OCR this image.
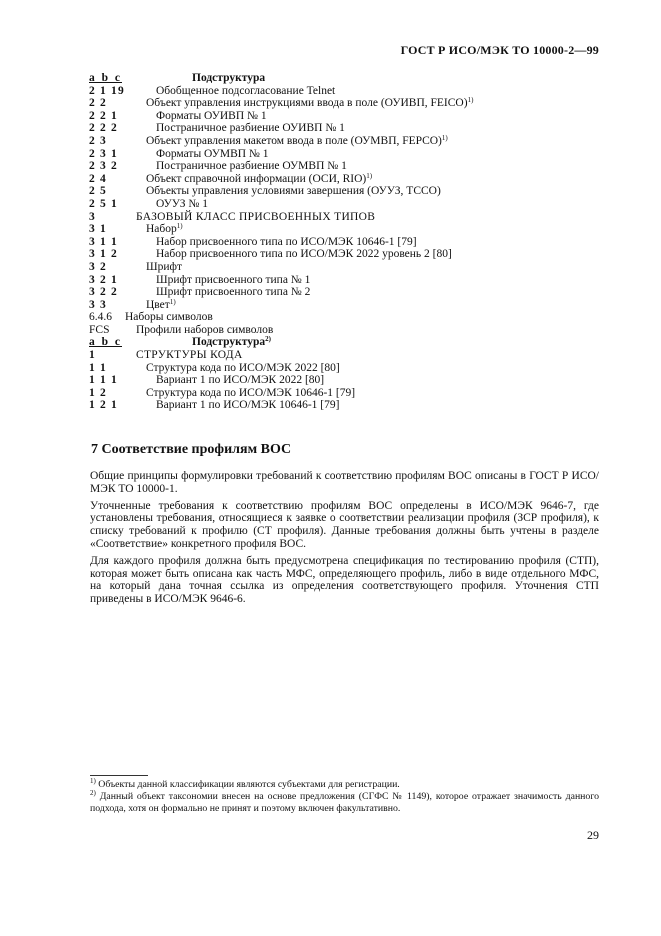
ГОСТ Р ИСО/МЭК ТО 10000-2—99
a b c	Подструктура
2 1 19	Обобщенное подсогласование Telnet
2 2	Объект управления инструкциями ввода в поле (ОУИВП, FEICO)$^{1)}$
2 2 1	Форматы ОУИВП № 1
2 2 2	Постраничное разбиение ОУИВП № 1
2 3	Объект управления макетом ввода в поле (ОУМВП, FEPCO)$^{1)}$
2 3 1	Форматы ОУМВП № 1
2 3 2	Постраничное разбиение ОУМВП № 1
2 4	Объект справочной информации (ОСИ, RIO)$^{1)}$
2 5	Объекты управления условиями завершения (ОУУЗ, TCCO)
2 5 1	ОУУЗ № 1
3	БАЗОВЫЙ КЛАСС ПРИСВОЕННЫХ ТИПОВ
3 1	Набор$^{1)}$
3 1 1	Набор присвоенного типа по ИСО/МЭК 10646-1 [79]
3 1 2	Набор присвоенного типа по ИСО/МЭК 2022 уровень 2 [80]
3 2	Шрифт
3 2 1	Шрифт присвоенного типа № 1
3 2 2	Шрифт присвоенного типа № 2
3 3	Цвет$^{1)}$
6.4.6 Наборы символов
FCS Профили наборов символов
a b c	Подструктура$^{2)}$
1	СТРУКТУРЫ КОДА
1 1	Структура кода по ИСО/МЭК 2022 [80]
1 1 1	Вариант 1 по ИСО/МЭК 2022 [80]
1 2	Структура кода по ИСО/МЭК 10646-1 [79]
1 2 1	Вариант 1 по ИСО/МЭК 10646-1 [79]
7 Соответствие профилям ВОС

Общие принципы формулировки требований к соответствию профилям ВОС описаны в ГОСТ Р ИСО/МЭК ТО 10000-1.

Уточненные требования к соответствию профилям ВОС определены в ИСО/МЭК 9646-7, где установлены требования, относящиеся к заявке о соответствии реализации профиля (ЗСР профиля), к списку требований к профилю (СТ профиля). Данные требования должны быть учтены в разделе «Соответствие» конкретного профиля ВОС.

Для каждого профиля должна быть предусмотрена спецификация по тестированию профиля (СТП), которая может быть описана как часть МФС, определяющего профиль, либо в виде отдельного МФС, на который дана точная ссылка из определения соответствующего профиля. Уточнения СТП приведены в ИСО/МЭК 9646-6.

$^{1)}$ Объекты данной классификации являются субъектами для регистрации.

$^{2)}$ Данный объект таксономии внесен на основе предложения (СГФС № 1149), которое отражает значимость данного подхода, хотя он формально не принят и поэтому включен факультативно.

29
